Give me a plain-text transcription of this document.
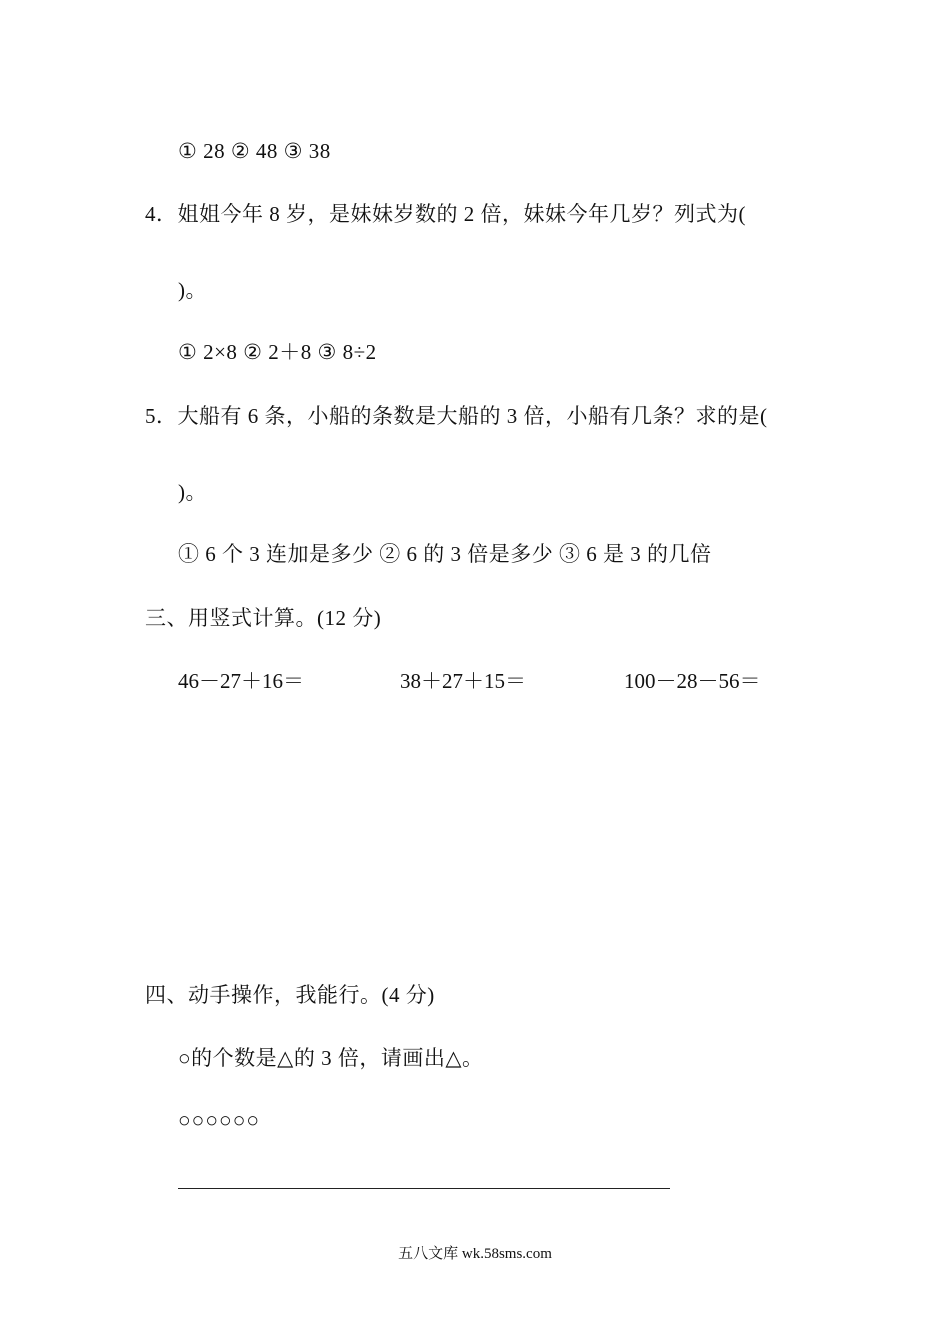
① 28 ② 48 ③ 38
4．姐姐今年 8 岁，是妹妹岁数的 2 倍，妹妹今年几岁？列式为(
)。
① 2×8 ② 2＋8 ③ 8÷2
5．大船有 6 条，小船的条数是大船的 3 倍，小船有几条？求的是(
)。
① 6 个 3 连加是多少 ② 6 的 3 倍是多少 ③ 6 是 3 的几倍
三、用竖式计算。(12 分)
46－27＋16＝	38＋27＋15＝	100－28－56＝
四、动手操作，我能行。(4 分)
○的个数是△的 3 倍，请画出△。
○○○○○○
五八文库 wk.58sms.com
